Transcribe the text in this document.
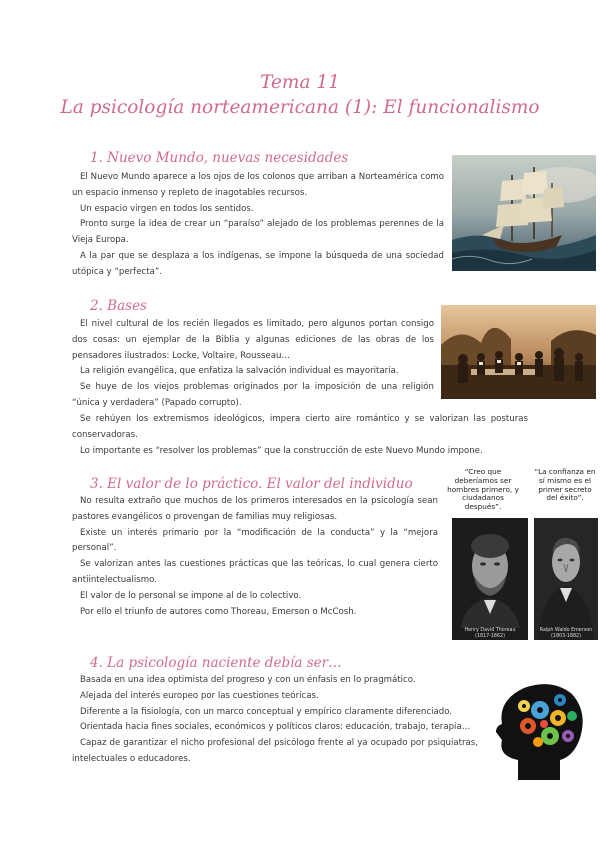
Tema 11
La psicología norteamericana (1): El funcionalismo
1. Nuevo Mundo, nuevas necesidades

El Nuevo Mundo aparece a los ojos de los colonos que arriban a Norteamérica como un espacio inmenso y repleto de inagotables recursos.

Un espacio virgen en todos los sentidos.

Pronto surge la idea de crear un “paraíso” alejado de los problemas perennes de la Vieja Europa.

A la par que se desplaza a los indígenas, se impone la búsqueda de una sociedad utópica y “perfecta”.

2. Bases

El nivel cultural de los recién llegados es limitado, pero algunos portan consigo dos cosas: un ejemplar de la Biblia y algunas ediciones de las obras de los pensadores ilustrados: Locke, Voltaire, Rousseau…

La religión evangélica, que enfatiza la salvación individual es mayoritaria.

Se huye de los viejos problemas originados por la imposición de una religión “única y verdadera” (Papado corrupto).

Se rehúyen los extremismos ideológicos, impera cierto aire romántico y se valorizan las posturas conservadoras.

Lo importante es “resolver los problemas” que la construcción de este Nuevo Mundo impone.

3. El valor de lo práctico. El valor del individuo

No resulta extraño que muchos de los primeros interesados en la psicología sean pastores evangélicos o provengan de familias muy religiosas.

Existe un interés primario por la “modificación de la conducta” y la “mejora personal”.

Se valorizan antes las cuestiones prácticas que las teóricas, lo cual genera cierto antiintelectualismo.

El valor de lo personal se impone al de lo colectivo.

Por ello el triunfo de autores como Thoreau, Emerson o McCosh.

“Creo que deberíamos ser hombres primero, y ciudadanos después”.
“La confianza en sí mismo es el primer secreto del éxito”.
Henry David Thoreau (1817-1862)
Ralph Waldo Emerson (1803-1882)
4. La psicología naciente debía ser…

Basada en una idea optimista del progreso y con un énfasis en lo pragmático.

Alejada del interés europeo por las cuestiones teóricas.

Diferente a la fisiología, con un marco conceptual y empírico claramente diferenciado.

Orientada hacia fines sociales, económicos y políticos claros: educación, trabajo, terapia…

Capaz de garantizar el nicho profesional del psicólogo frente al ya ocupado por psiquiatras, intelectuales o educadores.
